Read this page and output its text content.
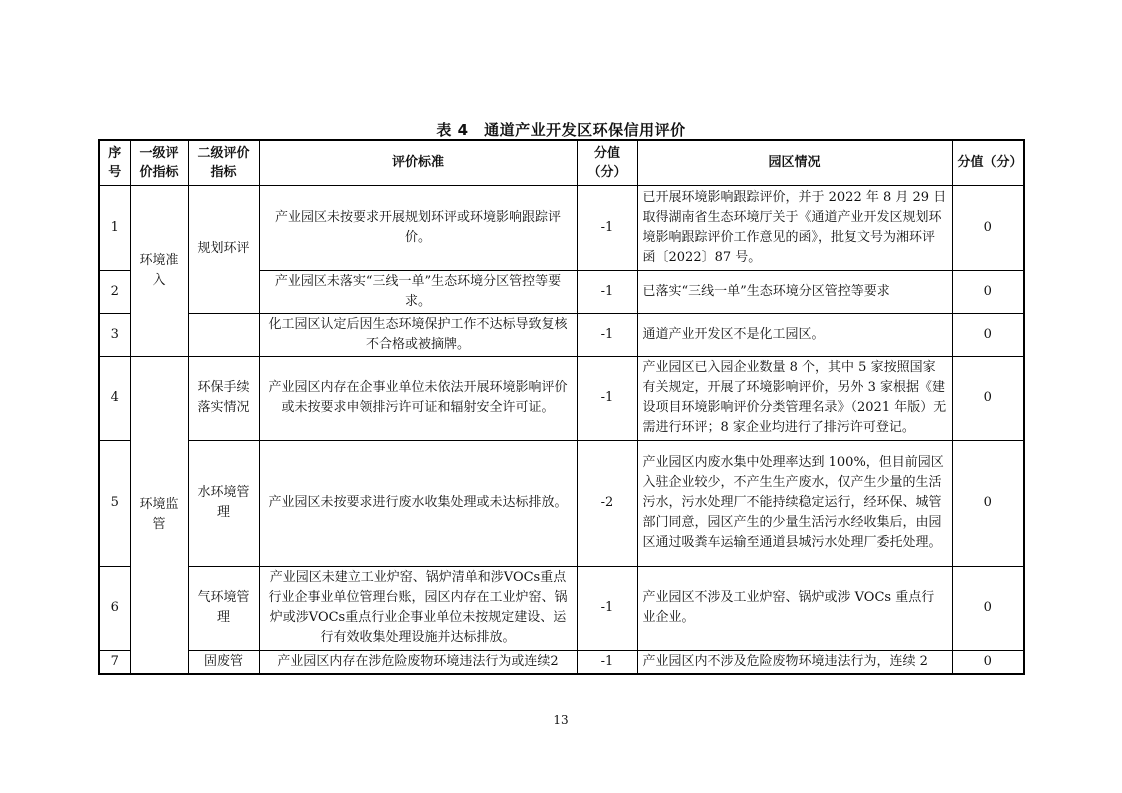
表 4　通道产业开发区环保信用评价
序号	一级评价指标	二级评价指标	评价标准	分值（分）	园区情况	分值（分）
1	环境准入	规划环评	产业园区未按要求开展规划环评或环境影响跟踪评价。	-1	已开展环境影响跟踪评价，并于 2022 年 8 月 29 日取得湖南省生态环境厅关于《通道产业开发区规划环境影响跟踪评价工作意见的函》，批复文号为湘环评函〔2022〕87 号。	0
2			产业园区未落实“三线一单”生态环境分区管控等要求。	-1	已落实“三线一单”生态环境分区管控等要求	0
3			化工园区认定后因生态环境保护工作不达标导致复核不合格或被摘牌。	-1	通道产业开发区不是化工园区。	0
4	环境监管	环保手续落实情况	产业园区内存在企事业单位未依法开展环境影响评价或未按要求申领排污许可证和辐射安全许可证。	-1	产业园区已入园企业数量 8 个，其中 5 家按照国家有关规定，开展了环境影响评价，另外 3 家根据《建设项目环境影响评价分类管理名录》（2021 年版）无需进行环评；8 家企业均进行了排污许可登记。	0
5		水环境管理	产业园区未按要求进行废水收集处理或未达标排放。	-2	产业园区内废水集中处理率达到 100%，但目前园区入驻企业较少，不产生生产废水，仅产生少量的生活污水，污水处理厂不能持续稳定运行，经环保、城管部门同意，园区产生的少量生活污水经收集后，由园区通过吸粪车运输至通道县城污水处理厂委托处理。	0
6		气环境管理	产业园区未建立工业炉窑、锅炉清单和涉VOCs重点行业企事业单位管理台账，园区内存在工业炉窑、锅炉或涉VOCs重点行业企事业单位未按规定建设、运行有效收集处理设施并达标排放。	-1	产业园区不涉及工业炉窑、锅炉或涉 VOCs 重点行业企业。	0
7		固废管	产业园区内存在涉危险废物环境违法行为或连续2	-1	产业园区内不涉及危险废物环境违法行为，连续 2	0
13
